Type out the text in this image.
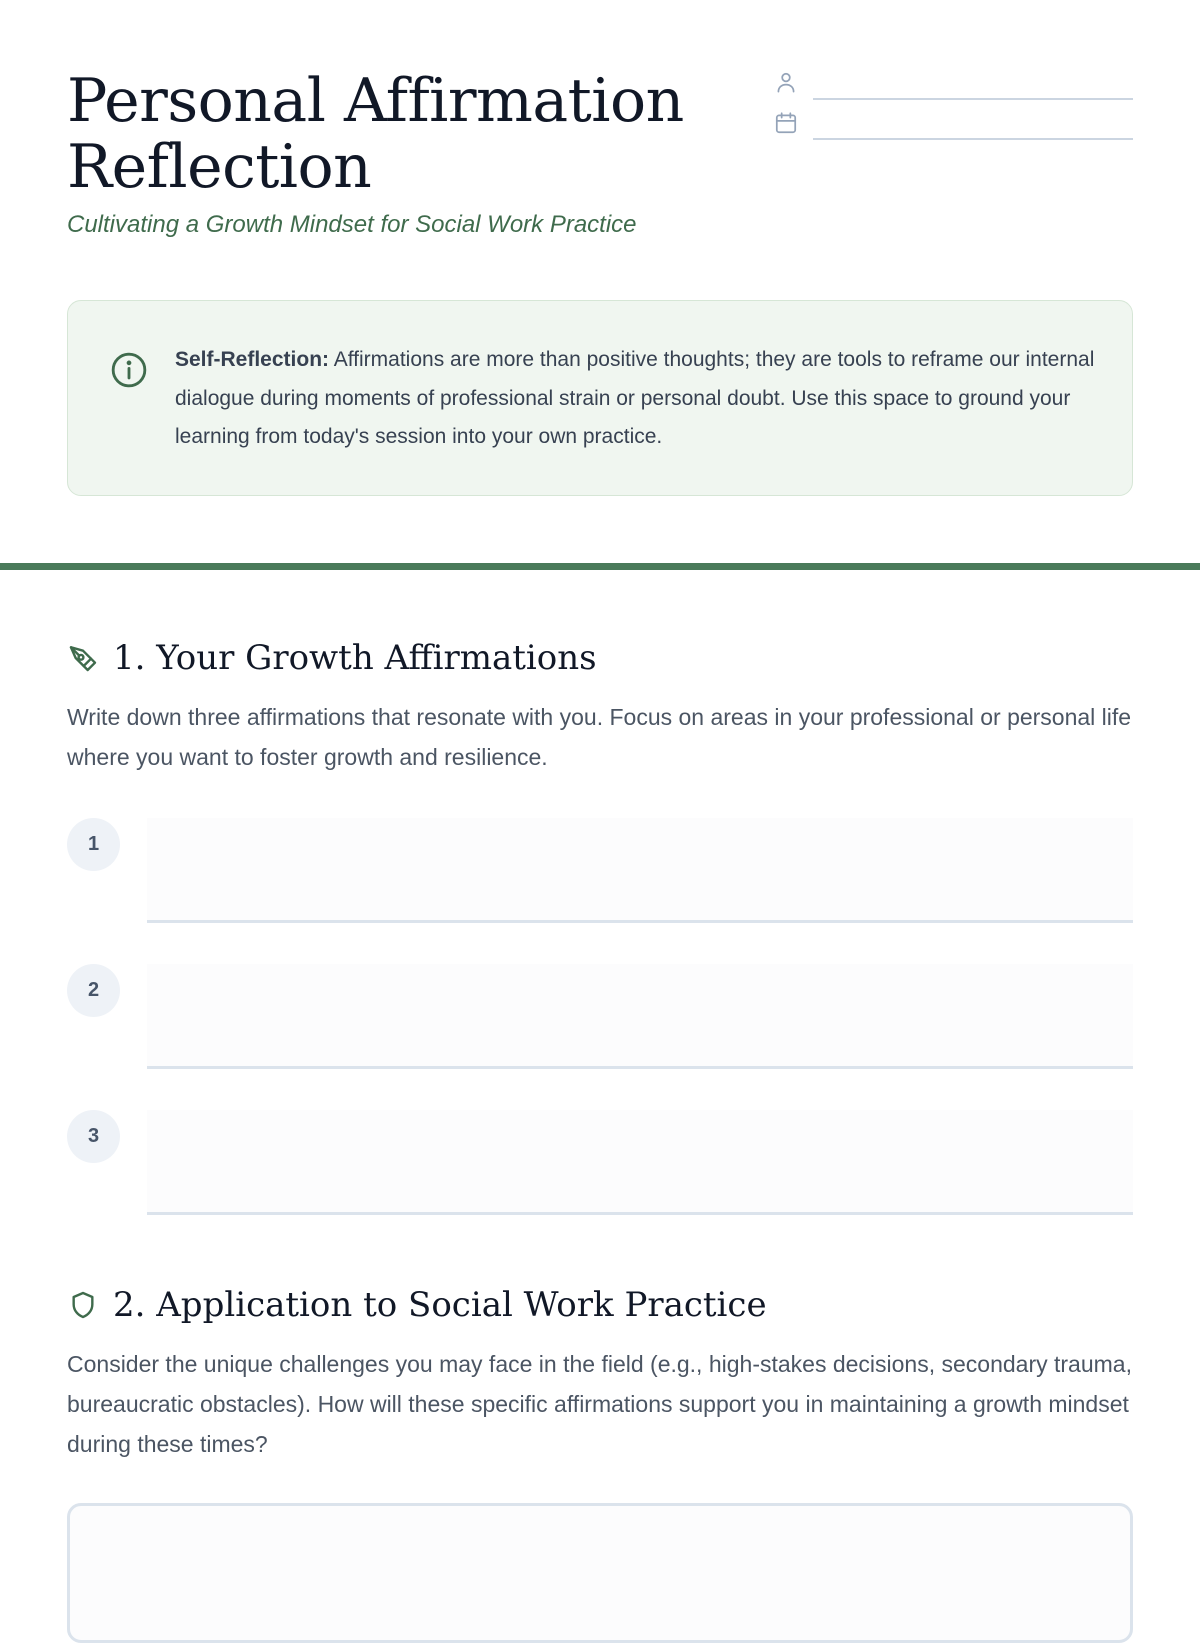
Personal Affirmation Reflection
Cultivating a Growth Mindset for Social Work Practice
Self-Reflection: Affirmations are more than positive thoughts; they are tools to reframe our internal dialogue during moments of professional strain or personal doubt. Use this space to ground your learning from today's session into your own practice.
1. Your Growth Affirmations
Write down three affirmations that resonate with you. Focus on areas in your professional or personal life where you want to foster growth and resilience.
1
2
3
2. Application to Social Work Practice
Consider the unique challenges you may face in the field (e.g., high-stakes decisions, secondary trauma, bureaucratic obstacles). How will these specific affirmations support you in maintaining a growth mindset during these times?
